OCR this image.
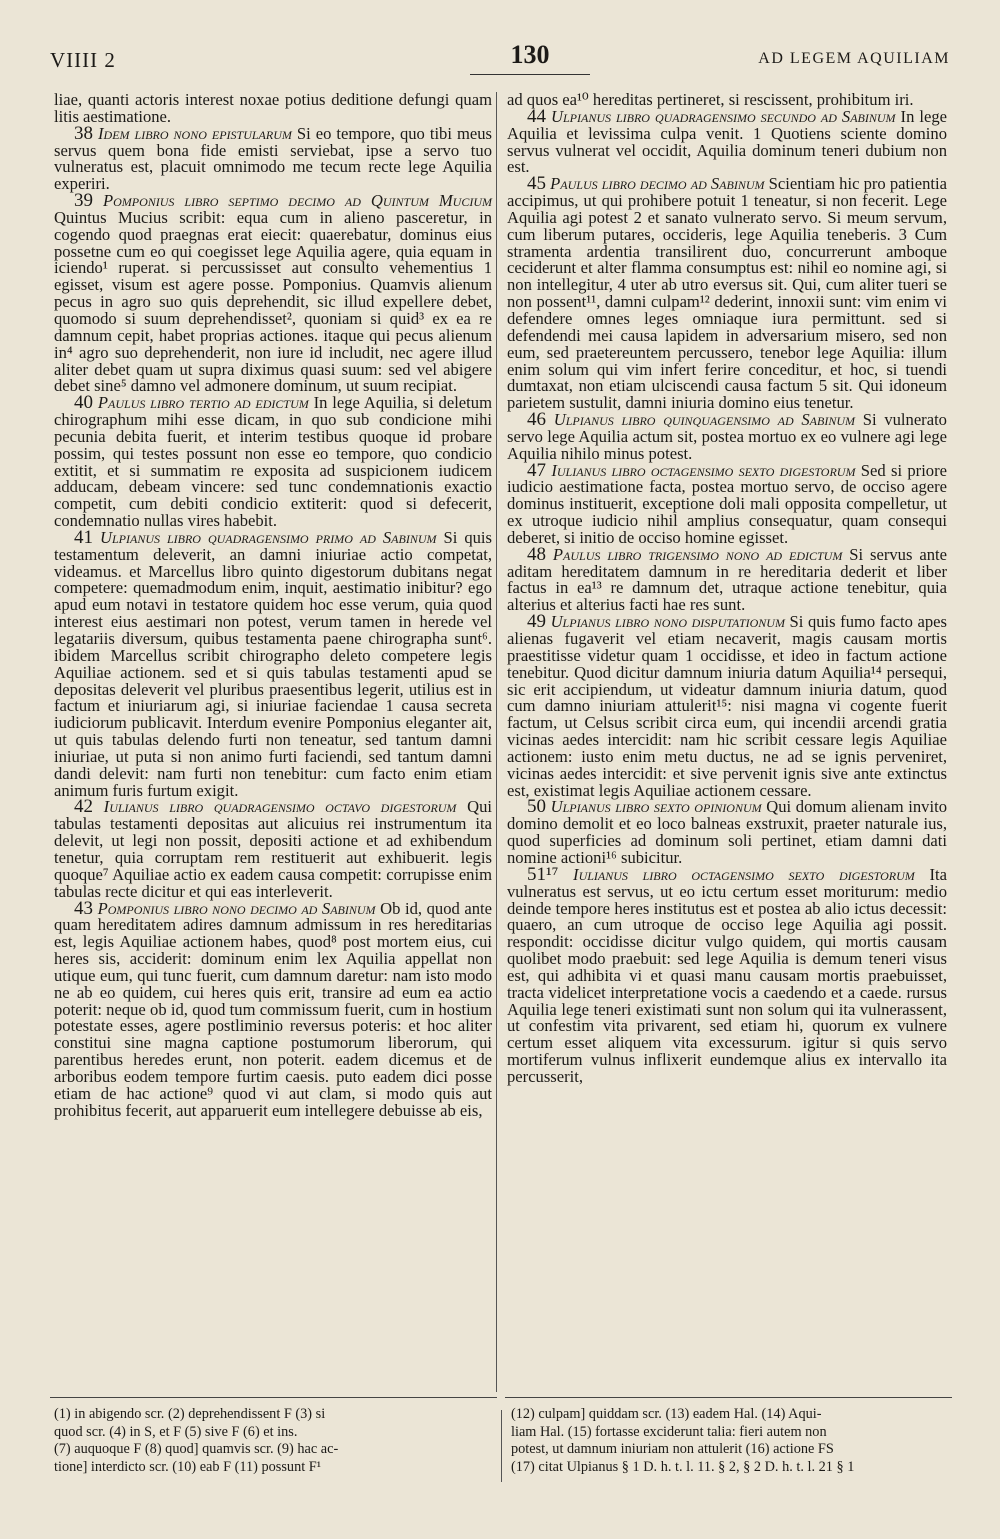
VIIII 2	130	AD LEGEM AQUILIAM

liae, quanti actoris interest noxae potius deditione defungi quam litis aestimatione.

38 Idem libro nono epistularum Si eo tempore, quo tibi meus servus quem bona fide emisti serviebat, ipse a servo tuo vulneratus est, placuit omnimodo me tecum recte lege Aquilia experiri.

39 Pomponius libro septimo decimo ad Quintum Mucium Quintus Mucius scribit: equa cum in alieno pasceretur, in cogendo quod praegnas erat eiecit: quaerebatur, dominus eius possetne cum eo qui coegisset lege Aquilia agere, quia equam in iciendo¹ ruperat. si percussisset aut consulto vehementius 1 egisset, visum est agere posse. Pomponius. Quamvis alienum pecus in agro suo quis deprehendit, sic illud expellere debet, quomodo si suum deprehendisset², quoniam si quid³ ex ea re damnum cepit, habet proprias actiones. itaque qui pecus alienum in⁴ agro suo deprehenderit, non iure id includit, nec agere illud aliter debet quam ut supra diximus quasi suum: sed vel abigere debet sine⁵ damno vel admonere dominum, ut suum recipiat.

40 Paulus libro tertio ad edictum In lege Aquilia, si deletum chirographum mihi esse dicam, in quo sub condicione mihi pecunia debita fuerit, et interim testibus quoque id probare possim, qui testes possunt non esse eo tempore, quo condicio extitit, et si summatim re exposita ad suspicionem iudicem adducam, debeam vincere: sed tunc condemnationis exactio competit, cum debiti condicio extiterit: quod si defecerit, condemnatio nullas vires habebit.

41 Ulpianus libro quadragensimo primo ad Sabinum Si quis testamentum deleverit, an damni iniuriae actio competat, videamus. et Marcellus libro quinto digestorum dubitans negat competere: quemadmodum enim, inquit, aestimatio inibitur? ego apud eum notavi in testatore quidem hoc esse verum, quia quod interest eius aestimari non potest, verum tamen in herede vel legatariis diversum, quibus testamenta paene chirographa sunt⁶. ibidem Marcellus scribit chirographo deleto competere legis Aquiliae actionem. sed et si quis tabulas testamenti apud se depositas deleverit vel pluribus praesentibus legerit, utilius est in factum et iniuriarum agi, si iniuriae faciendae 1 causa secreta iudiciorum publicavit. Interdum evenire Pomponius eleganter ait, ut quis tabulas delendo furti non teneatur, sed tantum damni iniuriae, ut puta si non animo furti faciendi, sed tantum damni dandi delevit: nam furti non tenebitur: cum facto enim etiam animum furis furtum exigit.

42 Iulianus libro quadragensimo octavo digestorum Qui tabulas testamenti depositas aut alicuius rei instrumentum ita delevit, ut legi non possit, depositi actione et ad exhibendum tenetur, quia corruptam rem restituerit aut exhibuerit. legis quoque⁷ Aquiliae actio ex eadem causa competit: corrupisse enim tabulas recte dicitur et qui eas interleverit.

43 Pomponius libro nono decimo ad Sabinum Ob id, quod ante quam hereditatem adires damnum admissum in res hereditarias est, legis Aquiliae actionem habes, quod⁸ post mortem eius, cui heres sis, acciderit: dominum enim lex Aquilia appellat non utique eum, qui tunc fuerit, cum damnum daretur: nam isto modo ne ab eo quidem, cui heres quis erit, transire ad eum ea actio poterit: neque ob id, quod tum commissum fuerit, cum in hostium potestate esses, agere postliminio reversus poteris: et hoc aliter constitui sine magna captione postumorum liberorum, qui parentibus heredes erunt, non poterit. eadem dicemus et de arboribus eodem tempore furtim caesis. puto eadem dici posse etiam de hac actione⁹ quod vi aut clam, si modo quis aut prohibitus fecerit, aut apparuerit eum intellegere debuisse ab eis,

ad quos ea¹⁰ hereditas pertineret, si rescissent, prohibitum iri.

44 Ulpianus libro quadragensimo secundo ad Sabinum In lege Aquilia et levissima culpa venit. 1 Quotiens sciente domino servus vulnerat vel occidit, Aquilia dominum teneri dubium non est.

45 Paulus libro decimo ad Sabinum Scientiam hic pro patientia accipimus, ut qui prohibere potuit 1 teneatur, si non fecerit. Lege Aquilia agi potest 2 et sanato vulnerato servo. Si meum servum, cum liberum putares, occideris, lege Aquilia teneberis. 3 Cum stramenta ardentia transilirent duo, concurrerunt amboque ceciderunt et alter flamma consumptus est: nihil eo nomine agi, si non intellegitur, 4 uter ab utro eversus sit. Qui, cum aliter tueri se non possent¹¹, damni culpam¹² dederint, innoxii sunt: vim enim vi defendere omnes leges omniaque iura permittunt. sed si defendendi mei causa lapidem in adversarium misero, sed non eum, sed praetereuntem percussero, tenebor lege Aquilia: illum enim solum qui vim infert ferire conceditur, et hoc, si tuendi dumtaxat, non etiam ulciscendi causa factum 5 sit. Qui idoneum parietem sustulit, damni iniuria domino eius tenetur.

46 Ulpianus libro quinquagensimo ad Sabinum Si vulnerato servo lege Aquilia actum sit, postea mortuo ex eo vulnere agi lege Aquilia nihilo minus potest.

47 Iulianus libro octagensimo sexto digestorum Sed si priore iudicio aestimatione facta, postea mortuo servo, de occiso agere dominus instituerit, exceptione doli mali opposita compelletur, ut ex utroque iudicio nihil amplius consequatur, quam consequi deberet, si initio de occiso homine egisset.

48 Paulus libro trigensimo nono ad edictum Si servus ante aditam hereditatem damnum in re hereditaria dederit et liber factus in ea¹³ re damnum det, utraque actione tenebitur, quia alterius et alterius facti hae res sunt.

49 Ulpianus libro nono disputationum Si quis fumo facto apes alienas fugaverit vel etiam necaverit, magis causam mortis praestitisse videtur quam 1 occidisse, et ideo in factum actione tenebitur. Quod dicitur damnum iniuria datum Aquilia¹⁴ persequi, sic erit accipiendum, ut videatur damnum iniuria datum, quod cum damno iniuriam attulerit¹⁵: nisi magna vi cogente fuerit factum, ut Celsus scribit circa eum, qui incendii arcendi gratia vicinas aedes intercidit: nam hic scribit cessare legis Aquiliae actionem: iusto enim metu ductus, ne ad se ignis perveniret, vicinas aedes intercidit: et sive pervenit ignis sive ante extinctus est, existimat legis Aquiliae actionem cessare.

50 Ulpianus libro sexto opinionum Qui domum alienam invito domino demolit et eo loco balneas exstruxit, praeter naturale ius, quod superficies ad dominum soli pertinet, etiam damni dati nomine actioni¹⁶ subicitur.

51¹⁷ Iulianus libro octagensimo sexto digestorum Ita vulneratus est servus, ut eo ictu certum esset moriturum: medio deinde tempore heres institutus est et postea ab alio ictus decessit: quaero, an cum utroque de occiso lege Aquilia agi possit. respondit: occidisse dicitur vulgo quidem, qui mortis causam quolibet modo praebuit: sed lege Aquilia is demum teneri visus est, qui adhibita vi et quasi manu causam mortis praebuisset, tracta videlicet interpretatione vocis a caedendo et a caede. rursus Aquilia lege teneri existimati sunt non solum qui ita vulnerassent, ut confestim vita privarent, sed etiam hi, quorum ex vulnere certum esset aliquem vita excessurum. igitur si quis servo mortiferum vulnus inflixerit eundemque alius ex intervallo ita percusserit,

(1) in abigendo scr. (2) deprehendissent F (3) si

quod scr. (4) in S, et F (5) sive F (6) et ins.

(7) auquoque F (8) quod] quamvis scr. (9) hac ac-

tione] interdicto scr. (10) eab F (11) possunt F¹

(12) culpam] quiddam scr. (13) eadem Hal. (14) Aqui-

liam Hal. (15) fortasse exciderunt talia: fieri autem non

potest, ut damnum iniuriam non attulerit (16) actione FS

(17) citat Ulpianus § 1 D. h. t. l. 11. § 2, § 2 D. h. t. l. 21 § 1
